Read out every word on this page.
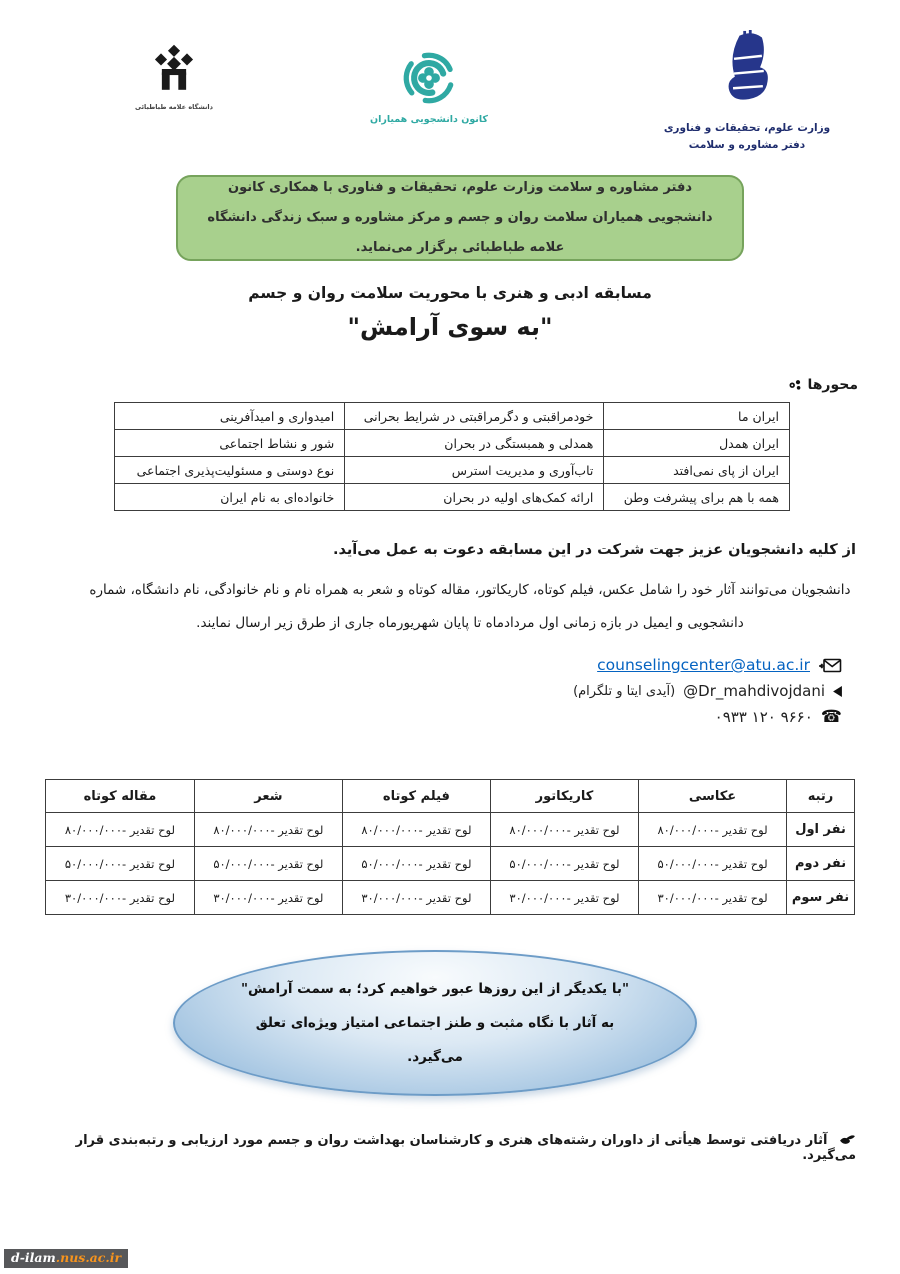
دانشگاه علامه طباطبائی
کانون دانشجویی همیاران
وزارت علوم، تحقیقات و فناوری
دفتر مشاوره و سلامت

دفتر مشاوره و سلامت وزارت علوم، تحقیقات و فناوری با همکاری کانون دانشجویی همیاران سلامت روان و جسم و مرکز مشاوره و سبک زندگی دانشگاه علامه طباطبائی برگزار می‌نماید.

مسابقه ادبی و هنری با محوریت سلامت روان و جسم
"به سوی آرامش"
محورها
ایران ما	خودمراقبتی و دگرمراقبتی در شرایط بحرانی	امیدواری و امیدآفرینی
ایران همدل	همدلی و همبستگی در بحران	شور و نشاط اجتماعی
ایران از پای نمی‌افتد	تاب‌آوری و مدیریت استرس	نوع دوستی و مسئولیت‌پذیری اجتماعی
همه با هم برای پیشرفت وطن	ارائه کمک‌های اولیه در بحران	خانواده‌ای به نام ایران

از کلیه دانشجویان عزیز جهت شرکت در این مسابقه دعوت به عمل می‌آید.

دانشجویان می‌توانند آثار خود را شامل عکس، فیلم کوتاه، کاریکاتور، مقاله کوتاه و شعر به همراه نام و نام خانوادگی، نام دانشگاه، شماره دانشجویی و ایمیل در بازه زمانی اول مردادماه تا پایان شهریورماه جاری از طرق زیر ارسال نمایند.

counselingcenter@atu.ac.ir
@Dr_mahdivojdani
(آیدی ایتا و تلگرام)
☎
۰۹۳۳ ۱۲۰ ۹۶۶۰
رتبه	عکاسی	کاریکاتور	فیلم کوتاه	شعر	مقاله کوتاه
نفر اول	لوح تقدیر -۸۰/۰۰۰/۰۰۰	لوح تقدیر -۸۰/۰۰۰/۰۰۰	لوح تقدیر -۸۰/۰۰۰/۰۰۰	لوح تقدیر -۸۰/۰۰۰/۰۰۰	لوح تقدیر -۸۰/۰۰۰/۰۰۰
نفر دوم	لوح تقدیر -۵۰/۰۰۰/۰۰۰	لوح تقدیر -۵۰/۰۰۰/۰۰۰	لوح تقدیر -۵۰/۰۰۰/۰۰۰	لوح تقدیر -۵۰/۰۰۰/۰۰۰	لوح تقدیر -۵۰/۰۰۰/۰۰۰
نفر سوم	لوح تقدیر -۳۰/۰۰۰/۰۰۰	لوح تقدیر -۳۰/۰۰۰/۰۰۰	لوح تقدیر -۳۰/۰۰۰/۰۰۰	لوح تقدیر -۳۰/۰۰۰/۰۰۰	لوح تقدیر -۳۰/۰۰۰/۰۰۰

"با یکدیگر از این روزها عبور خواهیم کرد؛ به سمت آرامش"

به آثار با نگاه مثبت و طنز اجتماعی امتیاز ویژه‌ای تعلق

می‌گیرد.

آثار دریافتی توسط هیأتی از داوران رشته‌های هنری و کارشناسان بهداشت روان و جسم مورد ارزیابی و رتبه‌بندی قرار می‌گیرد.

d-ilam.nus.ac.ir
